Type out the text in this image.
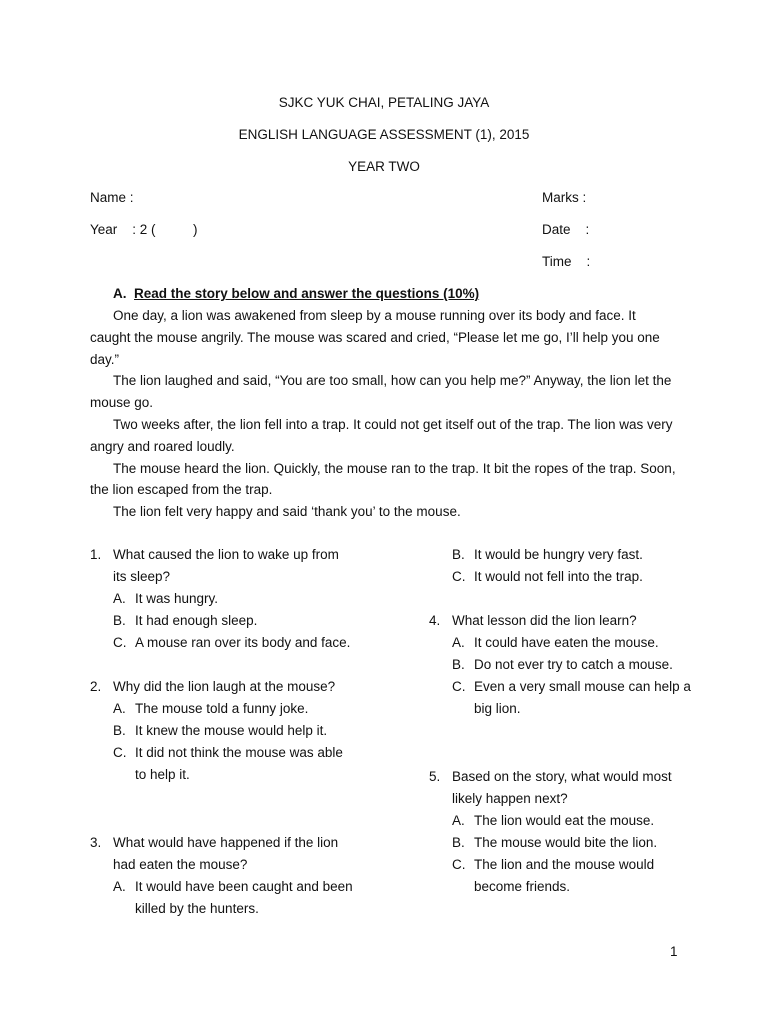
SJKC YUK CHAI, PETALING JAYA
ENGLISH LANGUAGE ASSESSMENT (1), 2015
YEAR TWO
Name :
Year    : 2 (          )
Marks :
Date    :
Time    :
A. Read the story below and answer the questions (10%)

One day, a lion was awakened from sleep by a mouse running over its body and face. It caught the mouse angrily. The mouse was scared and cried, “Please let me go, I’ll help you one day.”

The lion laughed and said, “You are too small, how can you help me?” Anyway, the lion let the mouse go.

Two weeks after, the lion fell into a trap. It could not get itself out of the trap. The lion was very angry and roared loudly.

The mouse heard the lion. Quickly, the mouse ran to the trap. It bit the ropes of the trap. Soon, the lion escaped from the trap.

The lion felt very happy and said ‘thank you’ to the mouse.

1. What caused the lion to wake up from
its sleep?
A. It was hungry.
B. It had enough sleep.
C. A mouse ran over its body and face.
2. Why did the lion laugh at the mouse?
A. The mouse told a funny joke.
B. It knew the mouse would help it.
C. It did not think the mouse was able
to help it.
3. What would have happened if the lion
had eaten the mouse?
A. It would have been caught and been
killed by the hunters.
B. It would be hungry very fast.
C. It would not fell into the trap.
4. What lesson did the lion learn?
A. It could have eaten the mouse.
B. Do not ever try to catch a mouse.
C. Even a very small mouse can help a
big lion.
5. Based on the story, what would most
likely happen next?
A. The lion would eat the mouse.
B. The mouse would bite the lion.
C. The lion and the mouse would
become friends.
1
